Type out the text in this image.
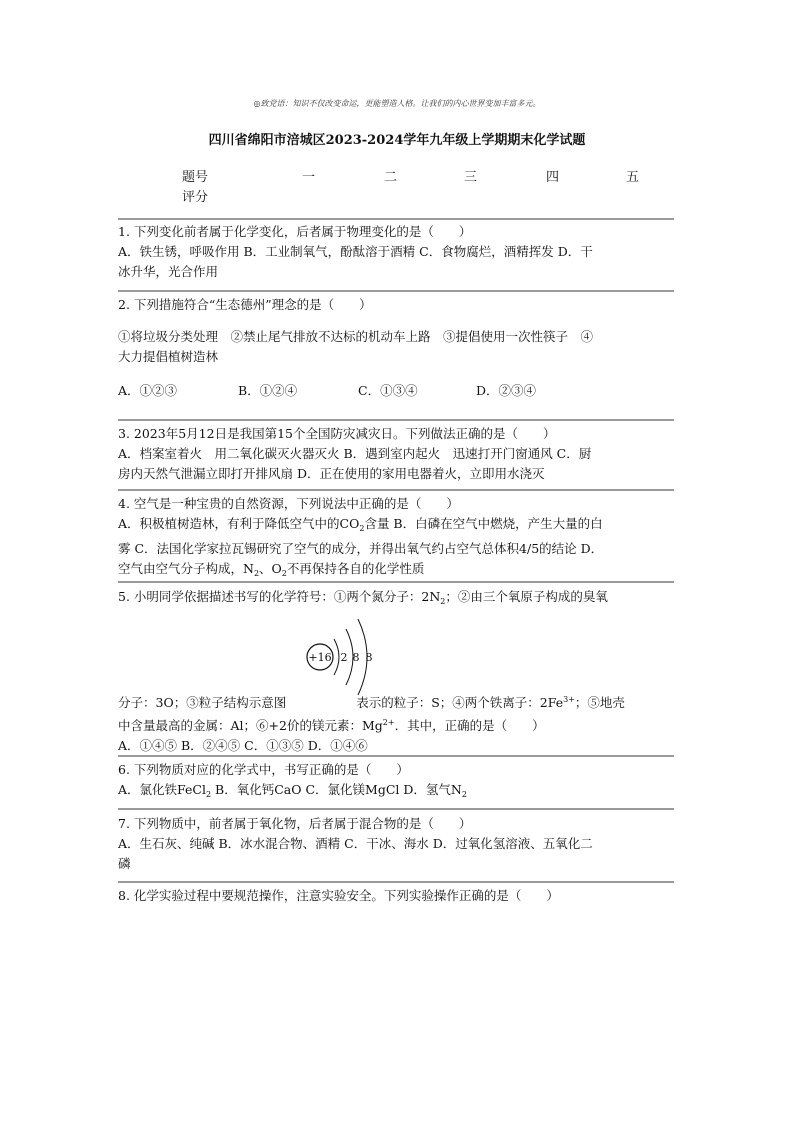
◎致党语：知识不仅改变命运，更能塑造人格。让我们的内心世界变加丰富多元。
四川省绵阳市涪城区2023-2024学年九年级上学期期末化学试题
题号	一	二	三	四	五
评分

1. 下列变化前者属于化学变化，后者属于物理变化的是（　　）

A．铁生锈，呼吸作用 B．工业制氧气，酚酞溶于酒精 C．食物腐烂，酒精挥发 D．干

冰升华，光合作用

2. 下列措施符合“生态德州”理念的是（　　）

①将垃圾分类处理　②禁止尾气排放不达标的机动车上路　③提倡使用一次性筷子　④

大力提倡植树造林

A．①②③	B．①②④	C．①③④	D．②③④

3. 2023年5月12日是我国第15个全国防灾减灾日。下列做法正确的是（　　）

A．档案室着火　用二氧化碳灭火器灭火 B．遇到室内起火　迅速打开门窗通风 C．厨

房内天然气泄漏立即打开排风扇 D．正在使用的家用电器着火，立即用水浇灭

4. 空气是一种宝贵的自然资源，下列说法中正确的是（　　）

A．积极植树造林，有利于降低空气中的$CO_2$含量 B．白磷在空气中燃烧，产生大量的白

雾 C．法国化学家拉瓦锡研究了空气的成分，并得出氧气约占空气总体积4/5的结论 D．

空气由空气分子构成，$N_2$、$O_2$不再保持各自的化学性质

5. 小明同学依据描述书写的化学符号：①两个氮分子：$2N_2$；②由三个氧原子构成的臭氧

分子：3O；③粒子结构示意图	表示的粒子：S；④两个铁离子：$2Fe^{3+}$；⑤地壳

中含量最高的金属：Al；⑥+2价的镁元素：$Mg^{2+}$．其中，正确的是（　　）

A．①④⑤ B．②④⑤ C．①③⑤ D．①④⑥

+16 2 8 8

6. 下列物质对应的化学式中，书写正确的是（　　）

A．氯化铁FeCl$_2$ B．氧化钙CaO C．氯化镁MgCl D．氢气$N_2$

7. 下列物质中，前者属于氧化物，后者属于混合物的是（　　）

A．生石灰、纯碱 B．冰水混合物、酒精 C．干冰、海水 D．过氧化氢溶液、五氧化二

磷

8. 化学实验过程中要规范操作，注意实验安全。下列实验操作正确的是（　　）
